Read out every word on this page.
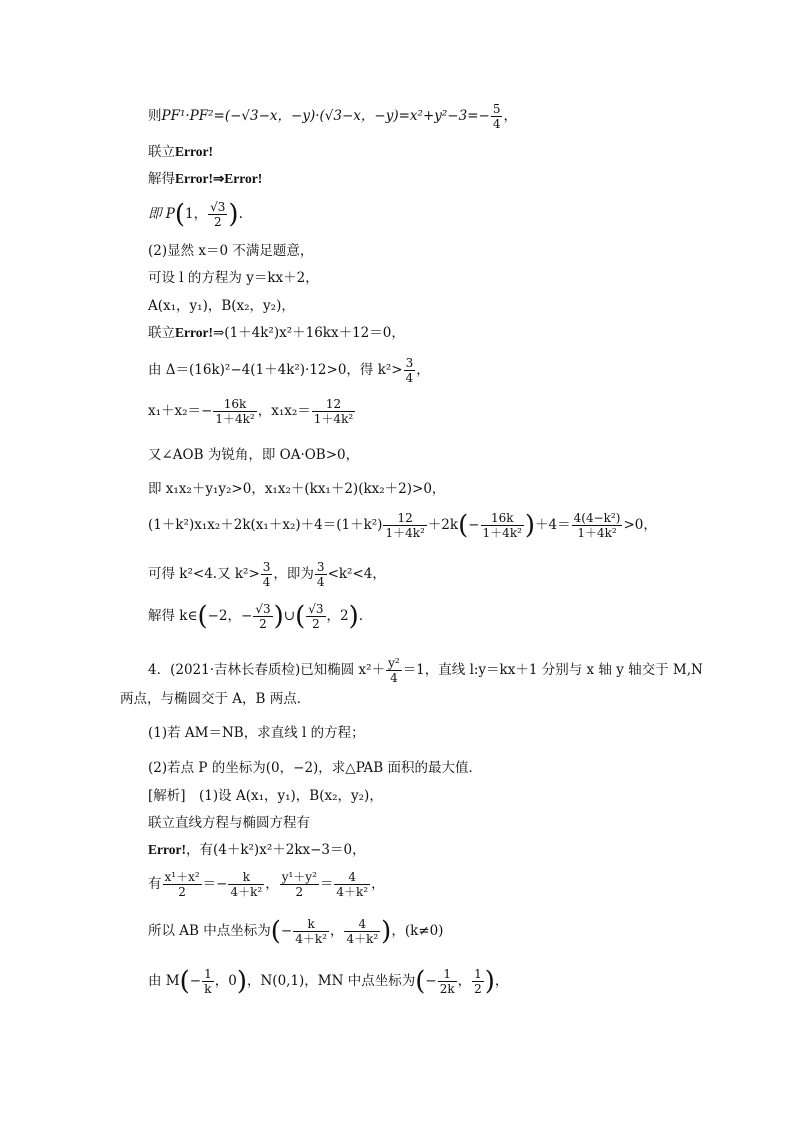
则PF¹·PF²=(−√3−x，−y)·(√3−x，$-y)=x^2+y^2-3=- \frac{5}{4}$ ，
联立Error!
解得Error!⇒Error!
即 P(1， $\frac{√3}{2}$ ).
(2)显然 x＝0 不满足题意，
可设 l 的方程为 y＝kx＋2，
A(x₁，y₁)，B(x₂，y₂)，
联立Error!⇒(1＋4k²)x²＋16kx＋12＝0，
由 Δ＝(16k)²−4(1＋4k²)·12>0，得 $k^2> \frac{3}{4}$ ，
$x_1+x_2=- \frac{16k}{\text{1＋4k²}}$ ，$x_1x_2= \frac{12}{\text{1＋4k²}}$
又∠AOB 为锐角，即 OA·OB>0，
即 x₁x₂＋y₁y₂>0，x₁x₂＋(kx₁＋2)(kx₂＋2)>0，
$(1+k^2)x_1x_2+2k(x_1+x_2)+4=(1+k^2) \frac{12}{\text{1＋4k²}} +2k(- \frac{16k}{\text{1＋4k²}} )+4= \frac{\text{4(4−k²)}}{\text{1＋4k²}} >0$，
可得 k²<4.又 $k^2> \frac{3}{4}$ ，即为 $\frac{3}{4} <k^2<4$，
解得 k∈(−2，− $\frac{√3}{2}$ )∪( $\frac{√3}{2}$ ，2).
4．(2021·吉林长春质检)已知椭圆 $x^2+ \frac{\text{y²}}{4} =1$，直线 l:y＝kx＋1 分别与 x 轴 y 轴交于 M,N
两点，与椭圆交于 A，B 两点．
(1)若 AM＝NB，求直线 l 的方程；
(2)若点 P 的坐标为(0，−2)，求△PAB 面积的最大值．
[解析]　(1)设 A(x₁，y₁)，B(x₂，y₂)，
联立直线方程与椭圆方程有
Error!，有(4＋k²)x²＋2kx−3＝0，
有 $\frac{\text{x¹＋x²}}{2} =- \frac{k}{\text{4＋k²}}$ ， $\frac{\text{y¹＋y²}}{2} = \frac{4}{\text{4＋k²}}$ ，
所以 AB 中点坐标为(− $\frac{k}{\text{4＋k²}}$ ， $\frac{4}{\text{4＋k²}}$ )，(k≠0)
由 $M(- \frac{1}{k}$ ，0)，N(0,1)，MN 中点坐标为(− $\frac{1}{2k}$ ， $\frac{1}{2}$ )，
